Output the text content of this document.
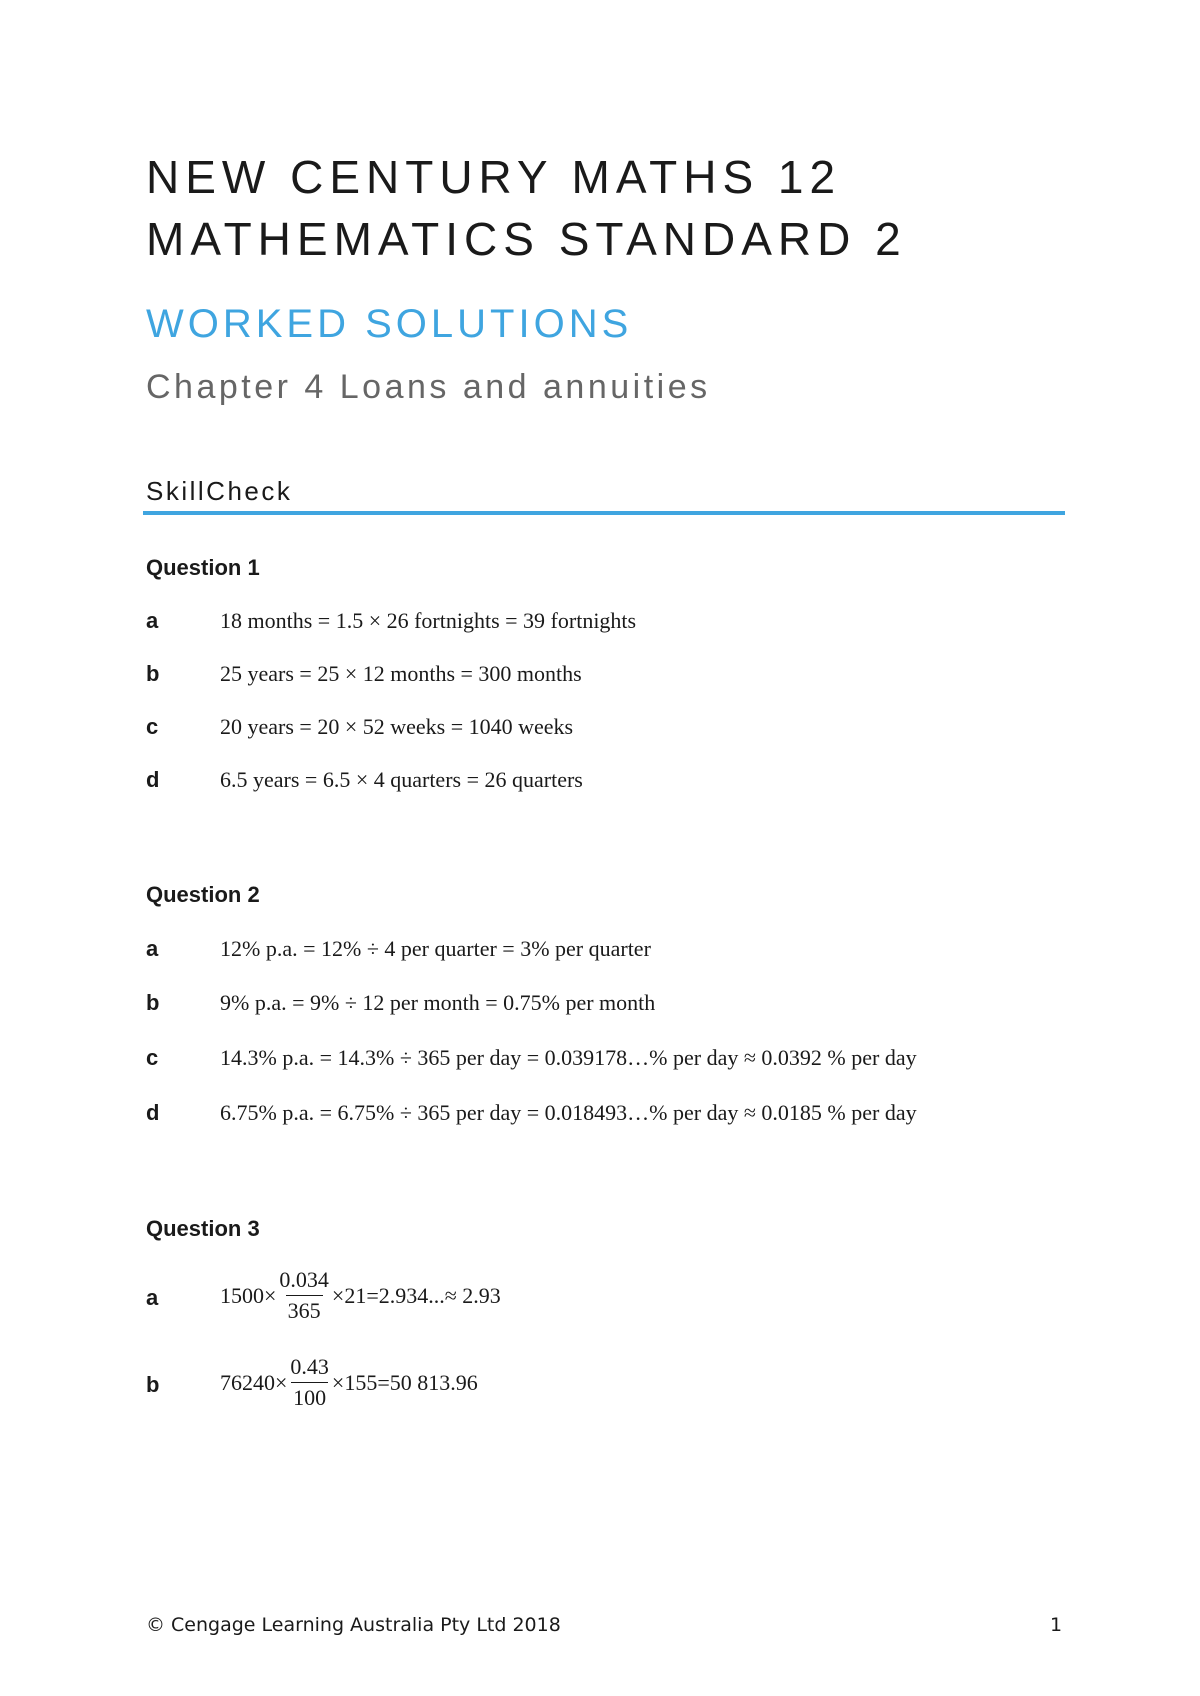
NEW CENTURY MATHS 12
MATHEMATICS STANDARD 2
WORKED SOLUTIONS
Chapter 4 Loans and annuities
SkillCheck
Question 1
a	18 months = 1.5 × 26 fortnights = 39 fortnights
b	25 years = 25 × 12 months = 300 months
c	20 years = 20 × 52 weeks = 1040 weeks
d	6.5 years = 6.5 × 4 quarters = 26 quarters
Question 2
a	12% p.a. = 12% ÷ 4 per quarter = 3% per quarter
b	9% p.a. = 9% ÷ 12 per month = 0.75% per month
c	14.3% p.a. = 14.3% ÷ 365 per day = 0.039178…% per day ≈ 0.0392 % per day
d	6.75% p.a. = 6.75% ÷ 365 per day = 0.018493…% per day ≈ 0.0185 % per day
Question 3
a	$1500\times \frac{0.034}{365} \times 21=2.934...\approx 2.93$
b	$76240\times \frac{0.43}{100} \times 155=50$ 813.96
© Cengage Learning Australia Pty Ltd 2018	1
